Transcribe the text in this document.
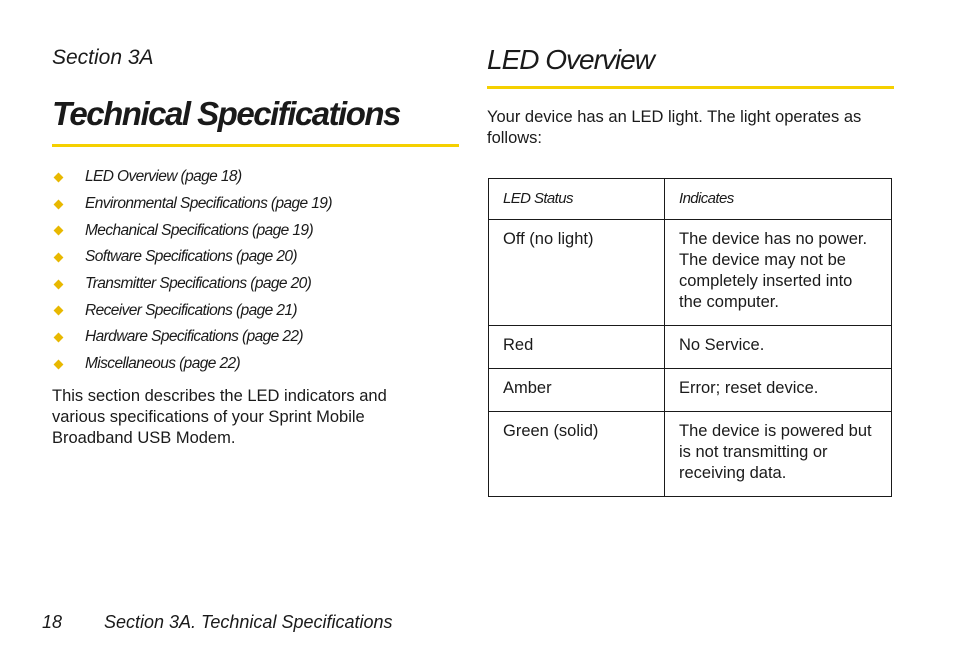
Section 3A
Technical Specifications
LED Overview (page 18)
Environmental Specifications (page 19)
Mechanical Specifications (page 19)
Software Specifications (page 20)
Transmitter Specifications (page 20)
Receiver Specifications (page 21)
Hardware Specifications (page 22)
Miscellaneous (page 22)

This section describes the LED indicators and various specifications of your Sprint Mobile Broadband USB Modem.

LED Overview

Your device has an LED light. The light operates as follows:

LED Status	Indicates
Off (no light)	The device has no power. The device may not be completely inserted into the computer.
Red	No Service.
Amber	Error; reset device.
Green (solid)	The device is powered but is not transmitting or receiving data.
18 Section 3A. Technical Specifications
